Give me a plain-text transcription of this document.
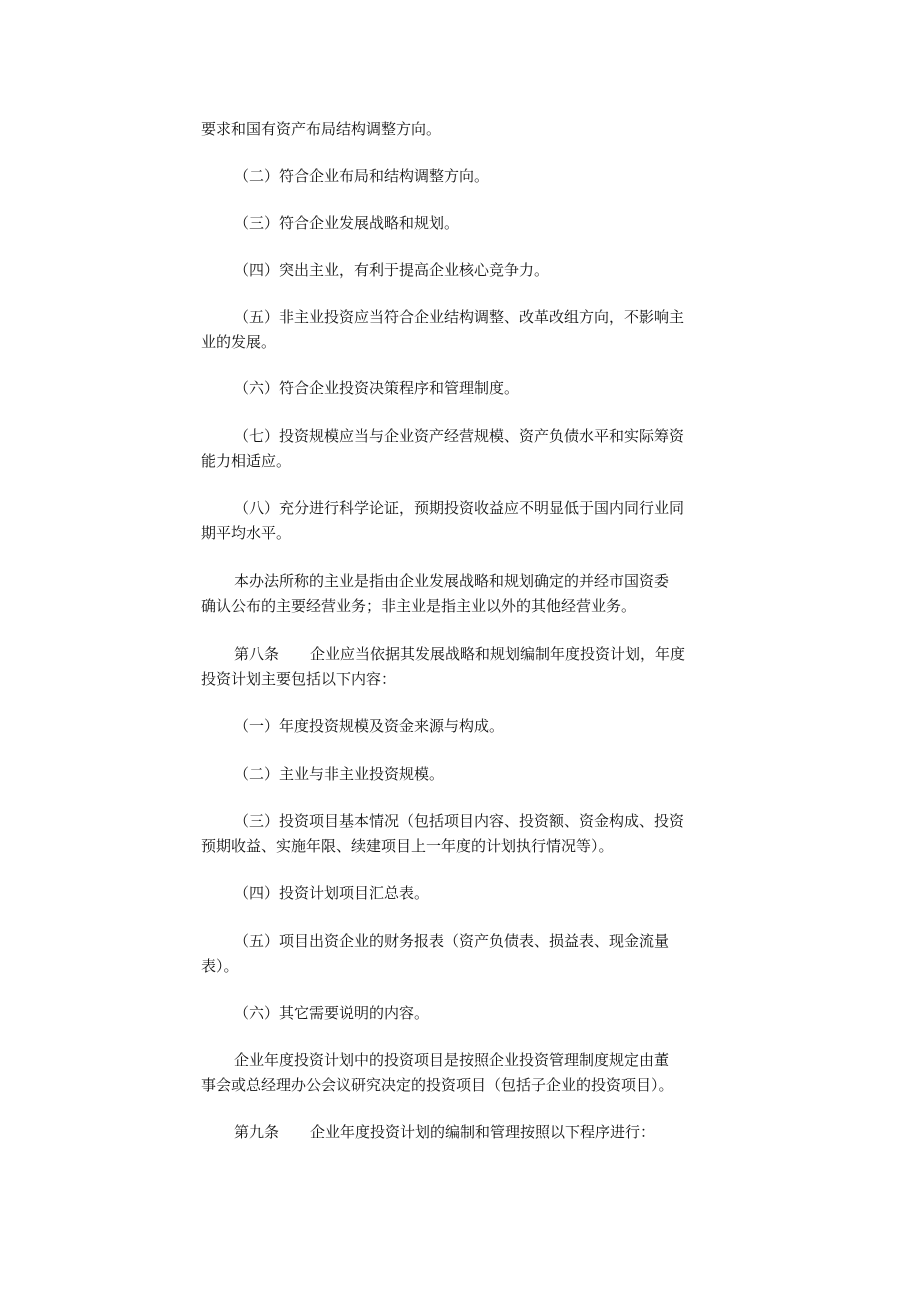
要求和国有资产布局结构调整方向。

（二）符合企业布局和结构调整方向。

（三）符合企业发展战略和规划。

（四）突出主业，有利于提高企业核心竞争力。

（五）非主业投资应当符合企业结构调整、改革改组方向，不影响主
业的发展。

（六）符合企业投资决策程序和管理制度。

（七）投资规模应当与企业资产经营规模、资产负债水平和实际筹资
能力相适应。

（八）充分进行科学论证，预期投资收益应不明显低于国内同行业同
期平均水平。

本办法所称的主业是指由企业发展战略和规划确定的并经市国资委
确认公布的主要经营业务；非主业是指主业以外的其他经营业务。

第八条 企业应当依据其发展战略和规划编制年度投资计划，年度
投资计划主要包括以下内容：

（一）年度投资规模及资金来源与构成。

（二）主业与非主业投资规模。

（三）投资项目基本情况（包括项目内容、投资额、资金构成、投资
预期收益、实施年限、续建项目上一年度的计划执行情况等）。

（四）投资计划项目汇总表。

（五）项目出资企业的财务报表（资产负债表、损益表、现金流量
表）。

（六）其它需要说明的内容。

企业年度投资计划中的投资项目是按照企业投资管理制度规定由董
事会或总经理办公会议研究决定的投资项目（包括子企业的投资项目）。

第九条 企业年度投资计划的编制和管理按照以下程序进行：
